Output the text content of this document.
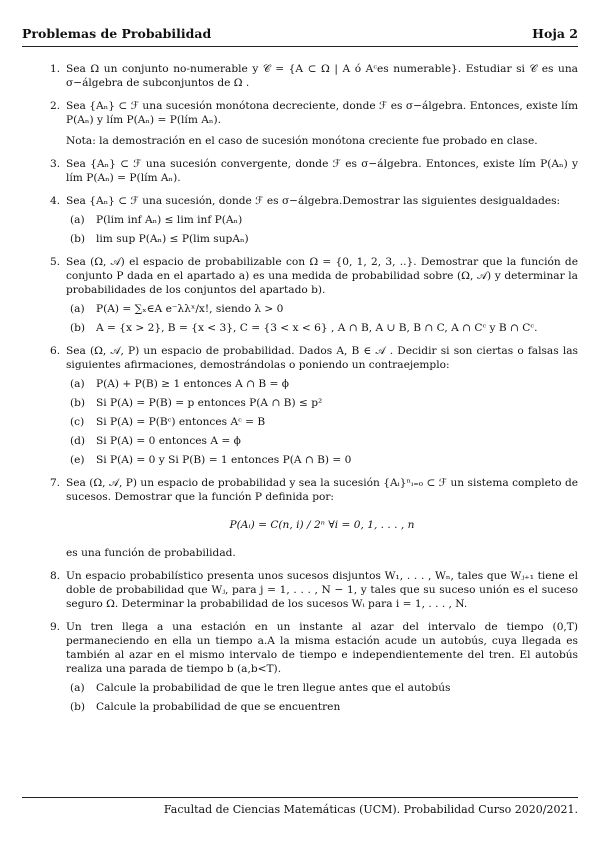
Problemas de Probabilidad	Hoja 2
1. Sea Ω un conjunto no-numerable y 𝒞 = {A ⊂ Ω | A ó Aᶜes numerable}. Estudiar si 𝒞 es una σ−álgebra de subconjuntos de Ω .
2. Sea {Aₙ} ⊂ ℱ una sucesión monótona decreciente, donde ℱ es σ−álgebra. Entonces, existe lím P(Aₙ) y lím P(Aₙ) = P(lím Aₙ).
Nota: la demostración en el caso de sucesión monótona creciente fue probado en clase.
3. Sea {Aₙ} ⊂ ℱ una sucesión convergente, donde ℱ es σ−álgebra. Entonces, existe lím P(Aₙ) y lím P(Aₙ) = P(lím Aₙ).
4. Sea {Aₙ} ⊂ ℱ una sucesión, donde ℱ es σ−álgebra.Demostrar las siguientes desigualdades:
(a)	P(lim inf Aₙ) ≤ lim inf P(Aₙ)
(b)	lim sup P(Aₙ) ≤ P(lim supAₙ)
5. Sea (Ω, 𝒜) el espacio de probabilizable con Ω = {0, 1, 2, 3, ..}. Demostrar que la función de conjunto P dada en el apartado a) es una medida de probabilidad sobre (Ω, 𝒜) y determinar la probabilidades de los conjuntos del apartado b).
(a)	P(A) = ∑ₓ∈A e⁻λλˣ/x!, siendo λ > 0
(b)	A = {x > 2}, B = {x < 3}, C = {3 < x < 6} , A ∩ B, A ∪ B, B ∩ C, A ∩ Cᶜ y B ∩ Cᶜ.
6. Sea (Ω, 𝒜, P) un espacio de probabilidad. Dados A, B ∈ 𝒜 . Decidir si son ciertas o falsas las siguientes afirmaciones, demostrándolas o poniendo un contraejemplo:
(a)	P(A) + P(B) ≥ 1 entonces A ∩ B = ϕ
(b)	Si P(A) = P(B) = p entonces P(A ∩ B) ≤ p²
(c)	Si P(A) = P(Bᶜ) entonces Aᶜ = B
(d)	Si P(A) = 0 entonces A = ϕ
(e)	Si P(A) = 0 y Si P(B) = 1 entonces P(A ∩ B) = 0
7. Sea (Ω, 𝒜, P) un espacio de probabilidad y sea la sucesión {Aᵢ}ⁿᵢ₌₀ ⊂ ℱ un sistema completo de sucesos. Demostrar que la función P definida por:
P(Aᵢ) = C(n, i) / 2ⁿ ∀i = 0, 1, . . . , n
es una función de probabilidad.
8. Un espacio probabilístico presenta unos sucesos disjuntos W₁, . . . , Wₙ, tales que Wⱼ₊₁ tiene el doble de probabilidad que Wⱼ, para j = 1, . . . , N − 1, y tales que su suceso unión es el suceso seguro Ω. Determinar la probabilidad de los sucesos Wᵢ para i = 1, . . . , N.
9. Un tren llega a una estación en un instante al azar del intervalo de tiempo (0,T) permaneciendo en ella un tiempo a.A la misma estación acude un autobús, cuya llegada es también al azar en el mismo intervalo de tiempo e independientemente del tren. El autobús realiza una parada de tiempo b (a,b<T).
(a)	Calcule la probabilidad de que le tren llegue antes que el autobús
(b)	Calcule la probabilidad de que se encuentren
Facultad de Ciencias Matemáticas (UCM). Probabilidad Curso 2020/2021.
